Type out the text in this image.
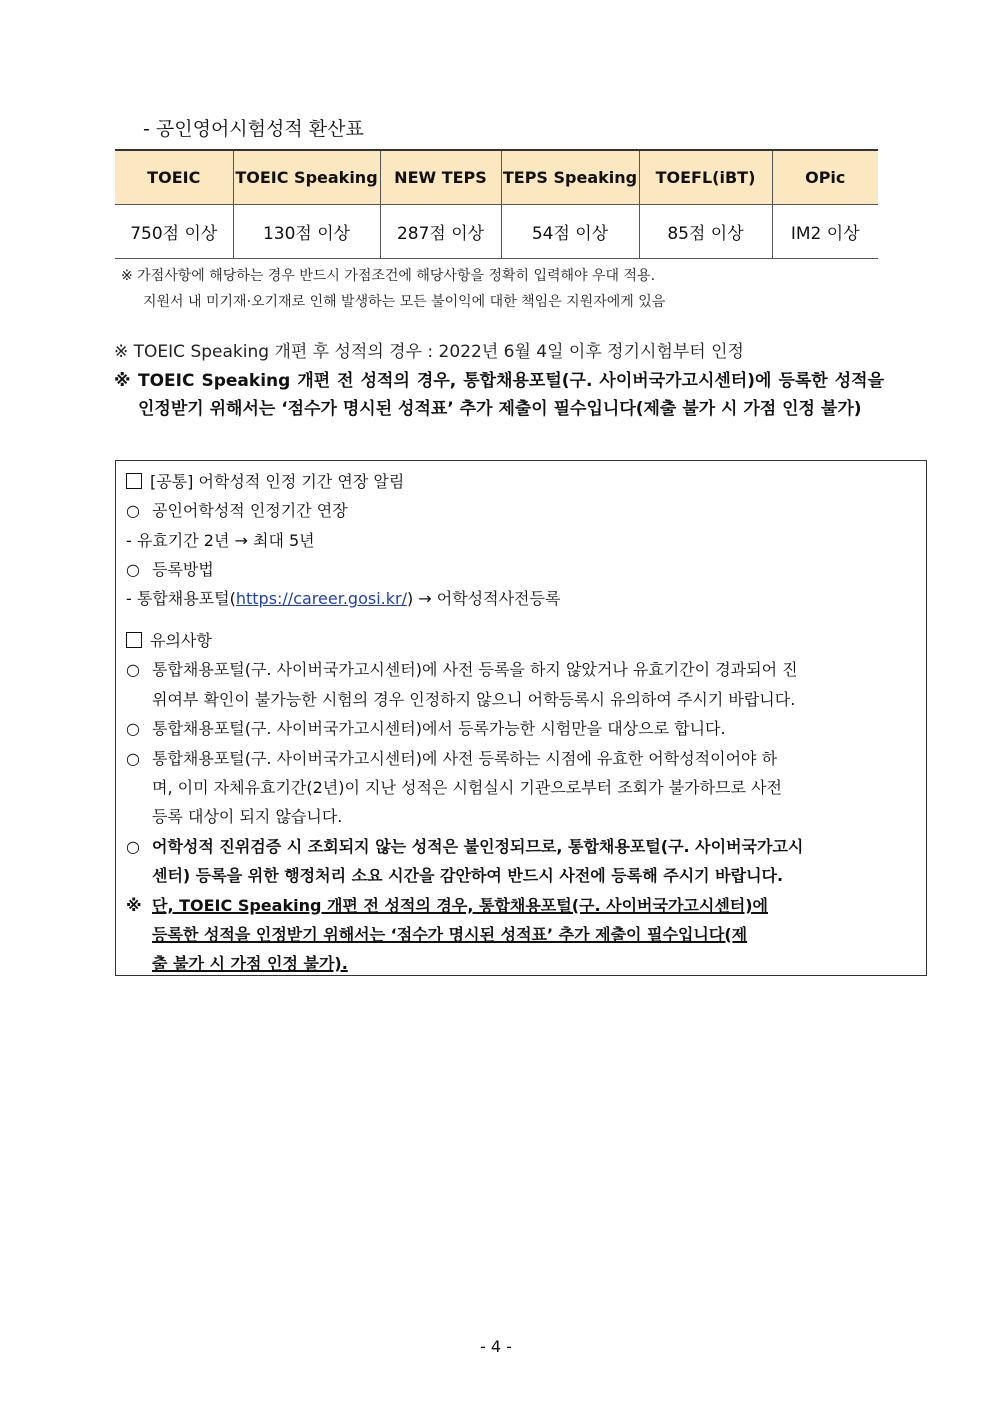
- 공인영어시험성적 환산표
TOEIC	TOEIC Speaking	NEW TEPS	TEPS Speaking	TOEFL(iBT)	OPic
750점 이상	130점 이상	287점 이상	54점 이상	85점 이상	IM2 이상
※ 가점사항에 해당하는 경우 반드시 가점조건에 해당사항을 정확히 입력해야 우대 적용.
지원서 내 미기재·오기재로 인해 발생하는 모든 불이익에 대한 책임은 지원자에게 있음
※ TOEIC Speaking 개편 후 성적의 경우 : 2022년 6월 4일 이후 정기시험부터 인정
※ TOEIC Speaking 개편 전 성적의 경우, 통합채용포털(구. 사이버국가고시센터)에 등록한 성적을 인정받기 위해서는 ‘점수가 명시된 성적표’ 추가 제출이 필수입니다(제출 불가 시 가점 인정 불가)
[공통] 어학성적 인정 기간 연장 알림
○ 공인어학성적 인정기간 연장
- 유효기간 2년 → 최대 5년
○ 등록방법
- 통합채용포털(https://career.gosi.kr/) → 어학성적사전등록
유의사항
○ 통합채용포털(구. 사이버국가고시센터)에 사전 등록을 하지 않았거나 유효기간이 경과되어 진
위여부 확인이 불가능한 시험의 경우 인정하지 않으니 어학등록시 유의하여 주시기 바랍니다.
○ 통합채용포털(구. 사이버국가고시센터)에서 등록가능한 시험만을 대상으로 합니다.
○ 통합채용포털(구. 사이버국가고시센터)에 사전 등록하는 시점에 유효한 어학성적이어야 하
며, 이미 자체유효기간(2년)이 지난 성적은 시험실시 기관으로부터 조회가 불가하므로 사전
등록 대상이 되지 않습니다.
○ 어학성적 진위검증 시 조회되지 않는 성적은 불인정되므로, 통합채용포털(구. 사이버국가고시
센터) 등록을 위한 행정처리 소요 시간을 감안하여 반드시 사전에 등록해 주시기 바랍니다.
※ 단, TOEIC Speaking 개편 전 성적의 경우, 통합채용포털(구. 사이버국가고시센터)에
등록한 성적을 인정받기 위해서는 ‘점수가 명시된 성적표’ 추가 제출이 필수입니다(제
출 불가 시 가점 인정 불가).
- 4 -
